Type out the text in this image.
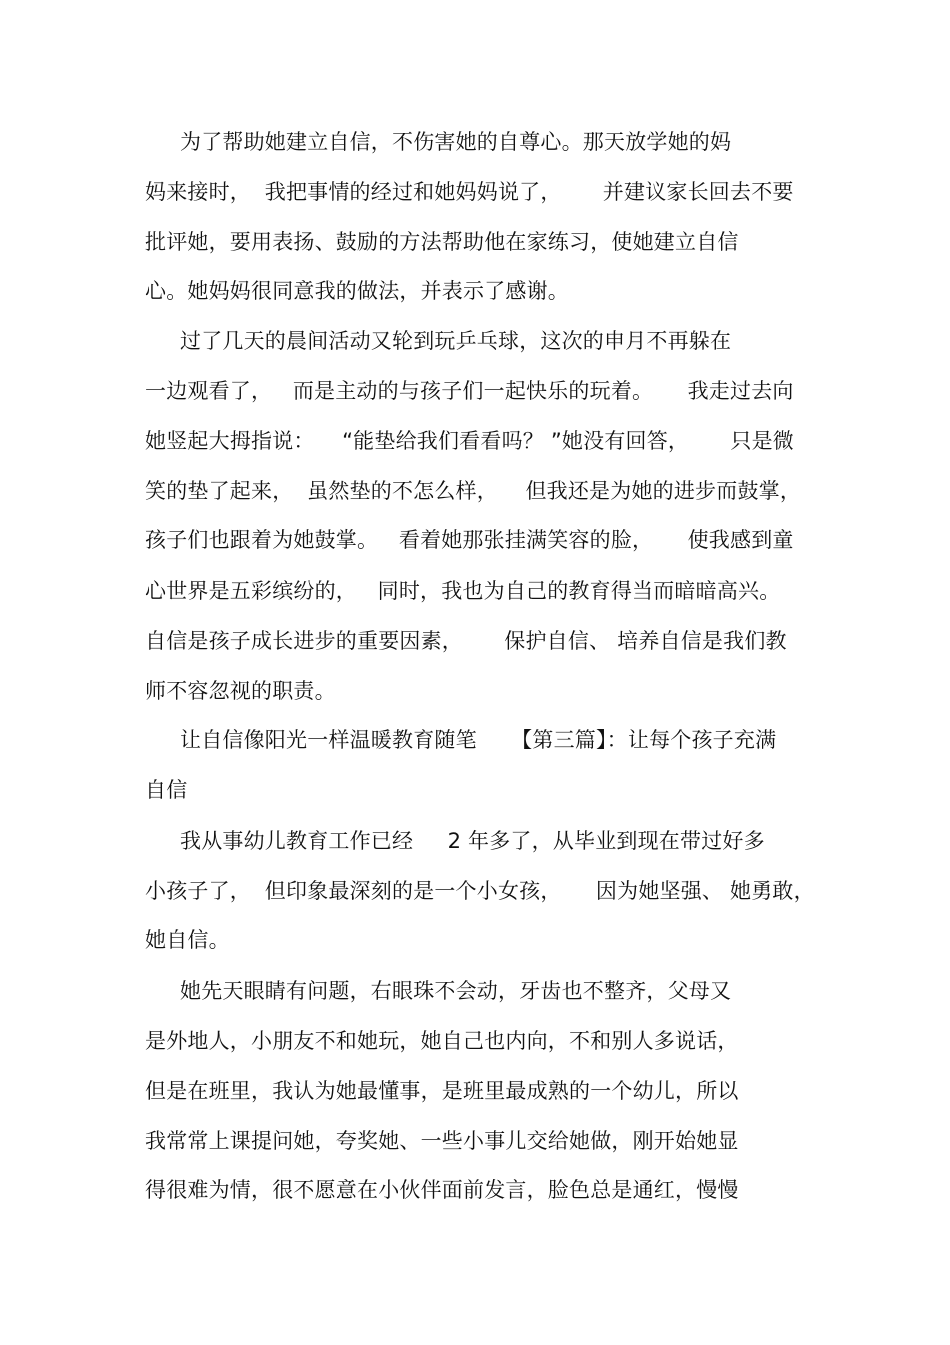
为了帮助她建立自信，不伤害她的自尊心。那天放学她的妈
妈来接时，  我把事情的经过和她妈妈说了，      并建议家长回去不要
批评她，要用表扬、鼓励的方法帮助他在家练习，使她建立自信
心。她妈妈很同意我的做法，并表示了感谢。
过了几天的晨间活动又轮到玩乒乓球，这次的申月不再躲在
一边观看了，   而是主动的与孩子们一起快乐的玩着。     我走过去向
她竖起大拇指说：    “能垫给我们看看吗？ ”她没有回答，      只是微
笑的垫了起来，  虽然垫的不怎么样，    但我还是为她的进步而鼓掌，
孩子们也跟着为她鼓掌。   看着她那张挂满笑容的脸，     使我感到童
心世界是五彩缤纷的，   同时，我也为自己的教育得当而暗暗高兴。
自信是孩子成长进步的重要因素，      保护自信、 培养自信是我们教
师不容忽视的职责。
让自信像阳光一样温暖教育随笔     【第三篇】：让每个孩子充满
自信
我从事幼儿教育工作已经     2 年多了，从毕业到现在带过好多
小孩子了，  但印象最深刻的是一个小女孩，     因为她坚强、 她勇敢，
她自信。
她先天眼睛有问题，右眼珠不会动，牙齿也不整齐，父母又
是外地人，小朋友不和她玩，她自己也内向，不和别人多说话，
但是在班里，我认为她最懂事，是班里最成熟的一个幼儿，所以
我常常上课提问她，夸奖她、一些小事儿交给她做，刚开始她显
得很难为情，很不愿意在小伙伴面前发言，脸色总是通红，慢慢
